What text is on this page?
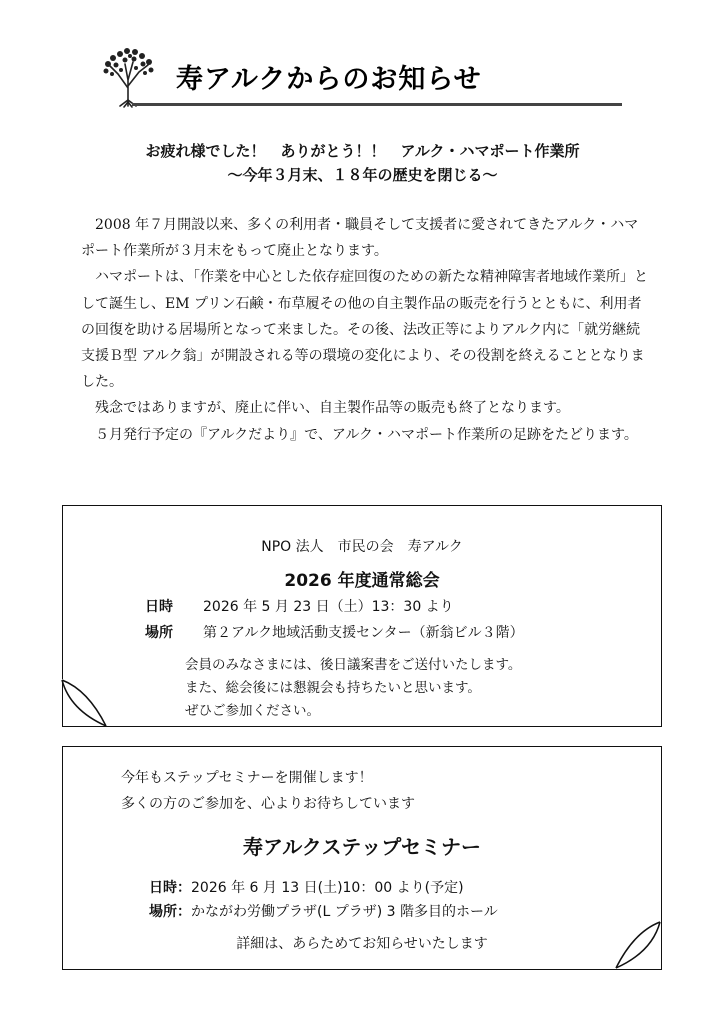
寿アルクからのお知らせ
お疲れ様でした！　ありがとう！！　アルク・ハマポート作業所
～今年３月末、１８年の歴史を閉じる～

2008 年７月開設以来、多くの利用者・職員そして支援者に愛されてきたアルク・ハマポート作業所が３月末をもって廃止となります。

ハマポートは、「作業を中心とした依存症回復のための新たな精神障害者地域作業所」として誕生し、EM プリン石鹸・布草履その他の自主製作品の販売を行うとともに、利用者の回復を助ける居場所となって来ました。その後、法改正等によりアルク内に「就労継続支援Ｂ型 アルク翁」が開設される等の環境の変化により、その役割を終えることとなりました。

残念ではありますが、廃止に伴い、自主製作品等の販売も終了となります。

５月発行予定の『アルクだより』で、アルク・ハマポート作業所の足跡をたどります。

NPO 法人　市民の会　寿アルク
2026 年度通常総会
日時 2026 年 5 月 23 日（土）13：30 より
場所 第２アルク地域活動支援センター（新翁ビル３階）
会員のみなさまには、後日議案書をご送付いたします。
また、総会後には懇親会も持ちたいと思います。
ぜひご参加ください。
今年もステップセミナーを開催します！
多くの方のご参加を、心よりお待ちしています
寿アルクステップセミナー
日時：2026 年 6 月 13 日(土)10：00 より(予定)
場所：かながわ労働プラザ(L プラザ) 3 階多目的ホール
詳細は、あらためてお知らせいたします
